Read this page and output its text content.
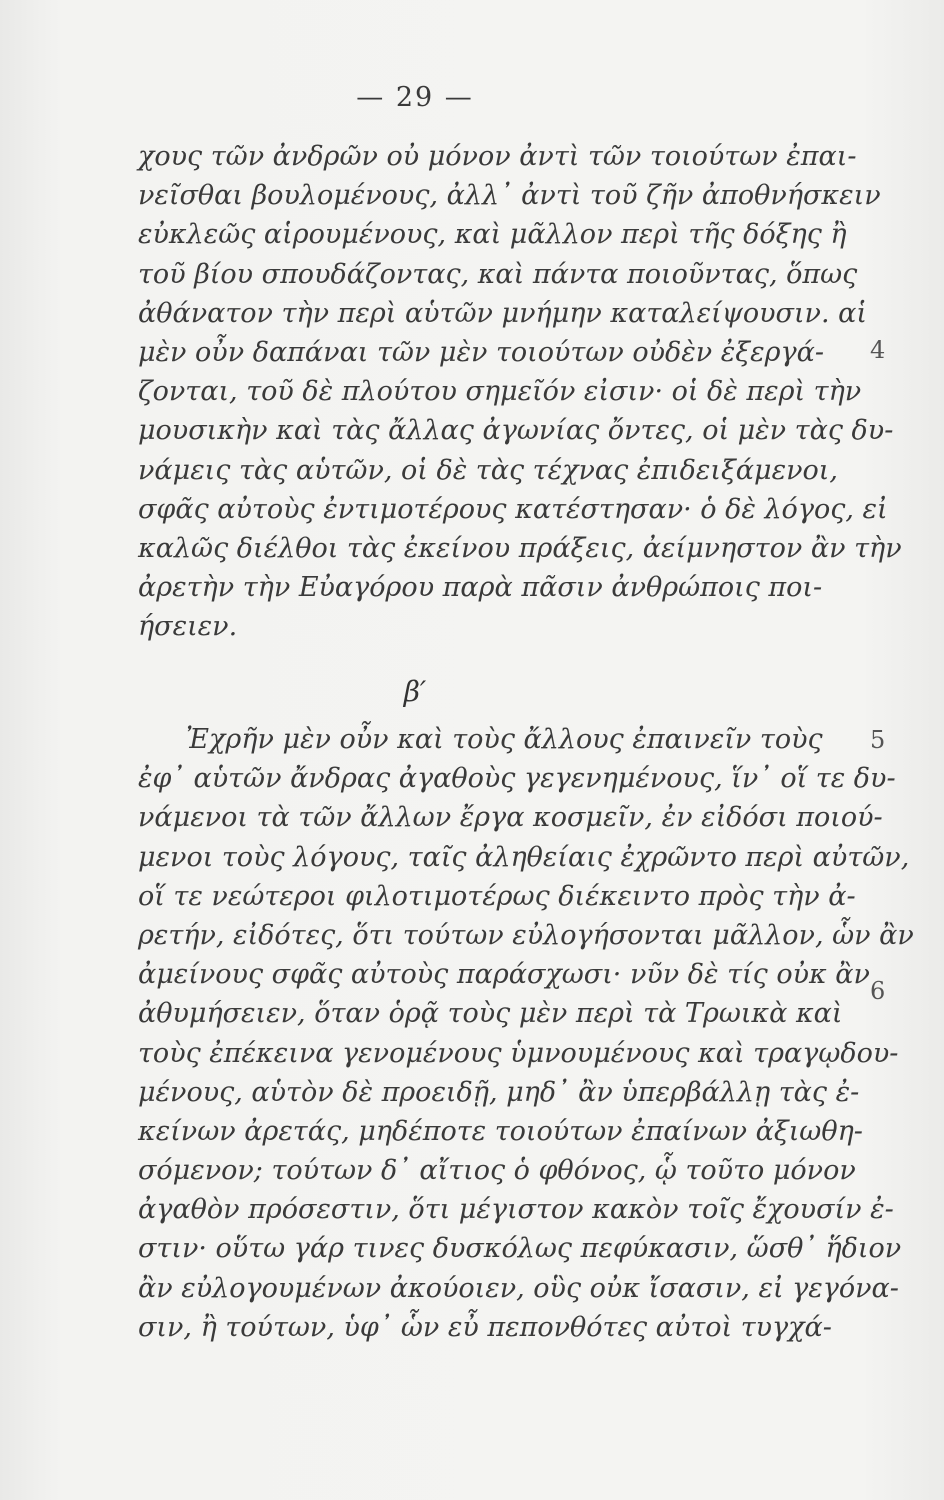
— 29 —
χους τῶν ἀνδρῶν οὐ μόνον ἀντὶ τῶν τοιούτων ἐπαι-
νεῖσθαι βουλομένους, ἀλλ᾽ ἀντὶ τοῦ ζῆν ἀποθνήσκειν
εὐκλεῶς αἱρουμένους, καὶ μᾶλλον περὶ τῆς δόξης ἢ
τοῦ βίου σπουδάζοντας, καὶ πάντα ποιοῦντας, ὅπως
ἀθάνατον τὴν περὶ αὑτῶν μνήμην καταλείψουσιν. αἱ
μὲν οὖν δαπάναι τῶν μὲν τοιούτων οὐδὲν ἐξεργά-
ζονται, τοῦ δὲ πλούτου σημεῖόν εἰσιν· οἱ δὲ περὶ τὴν
μουσικὴν καὶ τὰς ἄλλας ἀγωνίας ὄντες, οἱ μὲν τὰς δυ-
νάμεις τὰς αὑτῶν, οἱ δὲ τὰς τέχνας ἐπιδειξάμενοι,
σφᾶς αὐτοὺς ἐντιμοτέρους κατέστησαν· ὁ δὲ λόγος, εἰ
καλῶς διέλθοι τὰς ἐκείνου πράξεις, ἀείμνηστον ἂν τὴν
ἀρετὴν τὴν Εὐαγόρου παρὰ πᾶσιν ἀνθρώποις ποι-
ήσειεν.
β′
Ἐχρῆν μὲν οὖν καὶ τοὺς ἄλλους ἐπαινεῖν τοὺς
ἐφ᾽ αὑτῶν ἄνδρας ἀγαθοὺς γεγενημένους, ἵν᾽ οἵ τε δυ-
νάμενοι τὰ τῶν ἄλλων ἔργα κοσμεῖν, ἐν εἰδόσι ποιού-
μενοι τοὺς λόγους, ταῖς ἀληθείαις ἐχρῶντο περὶ αὐτῶν,
οἵ τε νεώτεροι φιλοτιμοτέρως διέκειντο πρὸς τὴν ἀ-
ρετήν, εἰδότες, ὅτι τούτων εὐλογήσονται μᾶλλον, ὧν ἂν
ἀμείνους σφᾶς αὐτοὺς παράσχωσι· νῦν δὲ τίς οὐκ ἂν
ἀθυμήσειεν, ὅταν ὁρᾷ τοὺς μὲν περὶ τὰ Τρωικὰ καὶ
τοὺς ἐπέκεινα γενομένους ὑμνουμένους καὶ τραγῳδου-
μένους, αὑτὸν δὲ προειδῇ, μηδ᾽ ἂν ὑπερβάλλῃ τὰς ἐ-
κείνων ἀρετάς, μηδέποτε τοιούτων ἐπαίνων ἀξιωθη-
σόμενον; τούτων δ᾽ αἴτιος ὁ φθόνος, ᾧ τοῦτο μόνον
ἀγαθὸν πρόσεστιν, ὅτι μέγιστον κακὸν τοῖς ἔχουσίν ἐ-
στιν· οὕτω γάρ τινες δυσκόλως πεφύκασιν, ὥσθ᾽ ἥδιον
ἂν εὐλογουμένων ἀκούοιεν, οὓς οὐκ ἴσασιν, εἰ γεγόνα-
σιν, ἢ τούτων, ὑφ᾽ ὧν εὖ πεπονθότες αὐτοὶ τυγχά-
4
5
6
